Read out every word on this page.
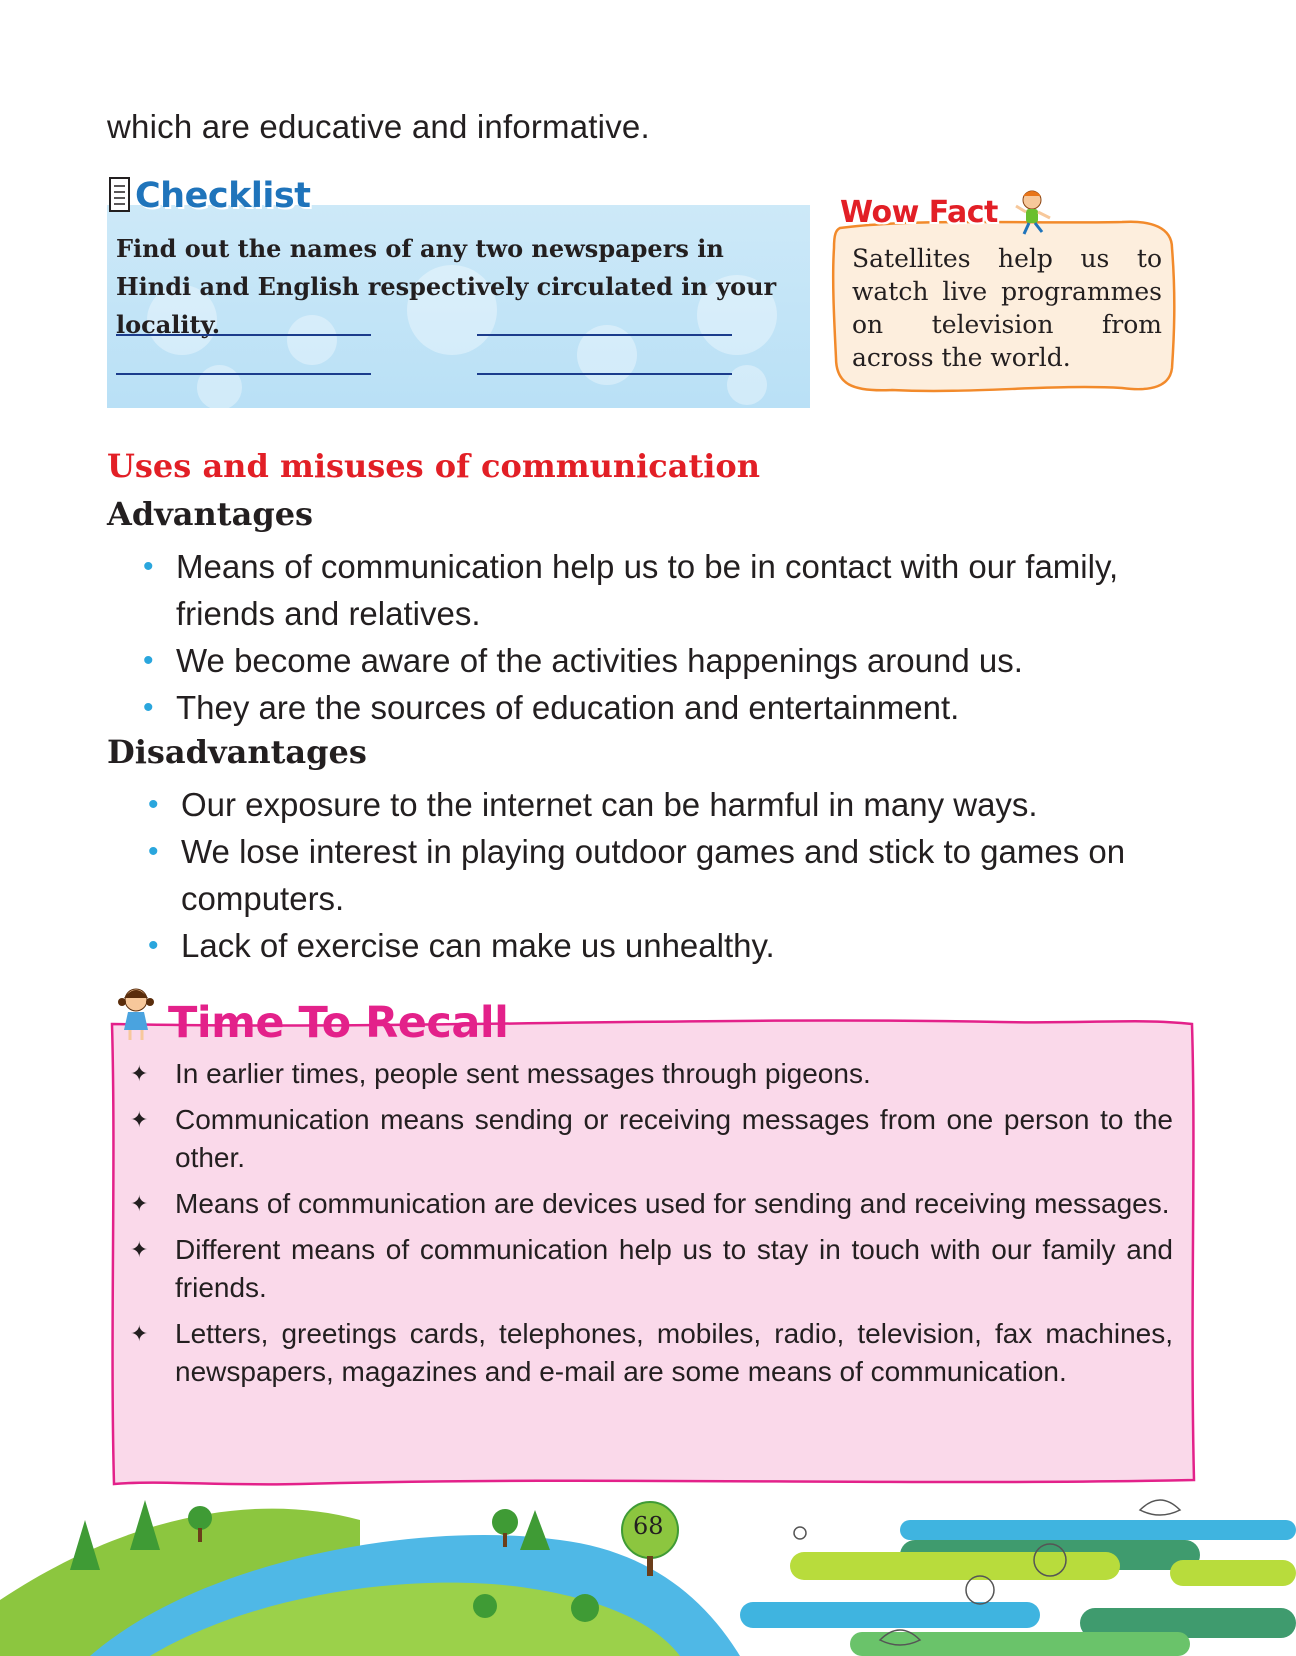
which are educative and informative.
Checklist
Find out the names of any two newspapers in Hindi and English respectively circulated in your locality.
Wow Fact
Satellites help us to watch live programmes on television from across the world.
Uses and misuses of communication
Advantages
• Means of communication help us to be in contact with our family, friends and relatives.
• We become aware of the activities happenings around us.
• They are the sources of education and entertainment.
Disadvantages
• Our exposure to the internet can be harmful in many ways.
• We lose interest in playing outdoor games and stick to games on computers.
• Lack of exercise can make us unhealthy.
Time To Recall
✦ In earlier times, people sent messages through pigeons.
✦ Communication means sending or receiving messages from one person to the other.
✦ Means of communication are devices used for sending and receiving messages.
✦ Different means of communication help us to stay in touch with our family and friends.
✦ Letters, greetings cards, telephones, mobiles, radio, television, fax machines, newspapers, magazines and e-mail are some means of communication.
68
